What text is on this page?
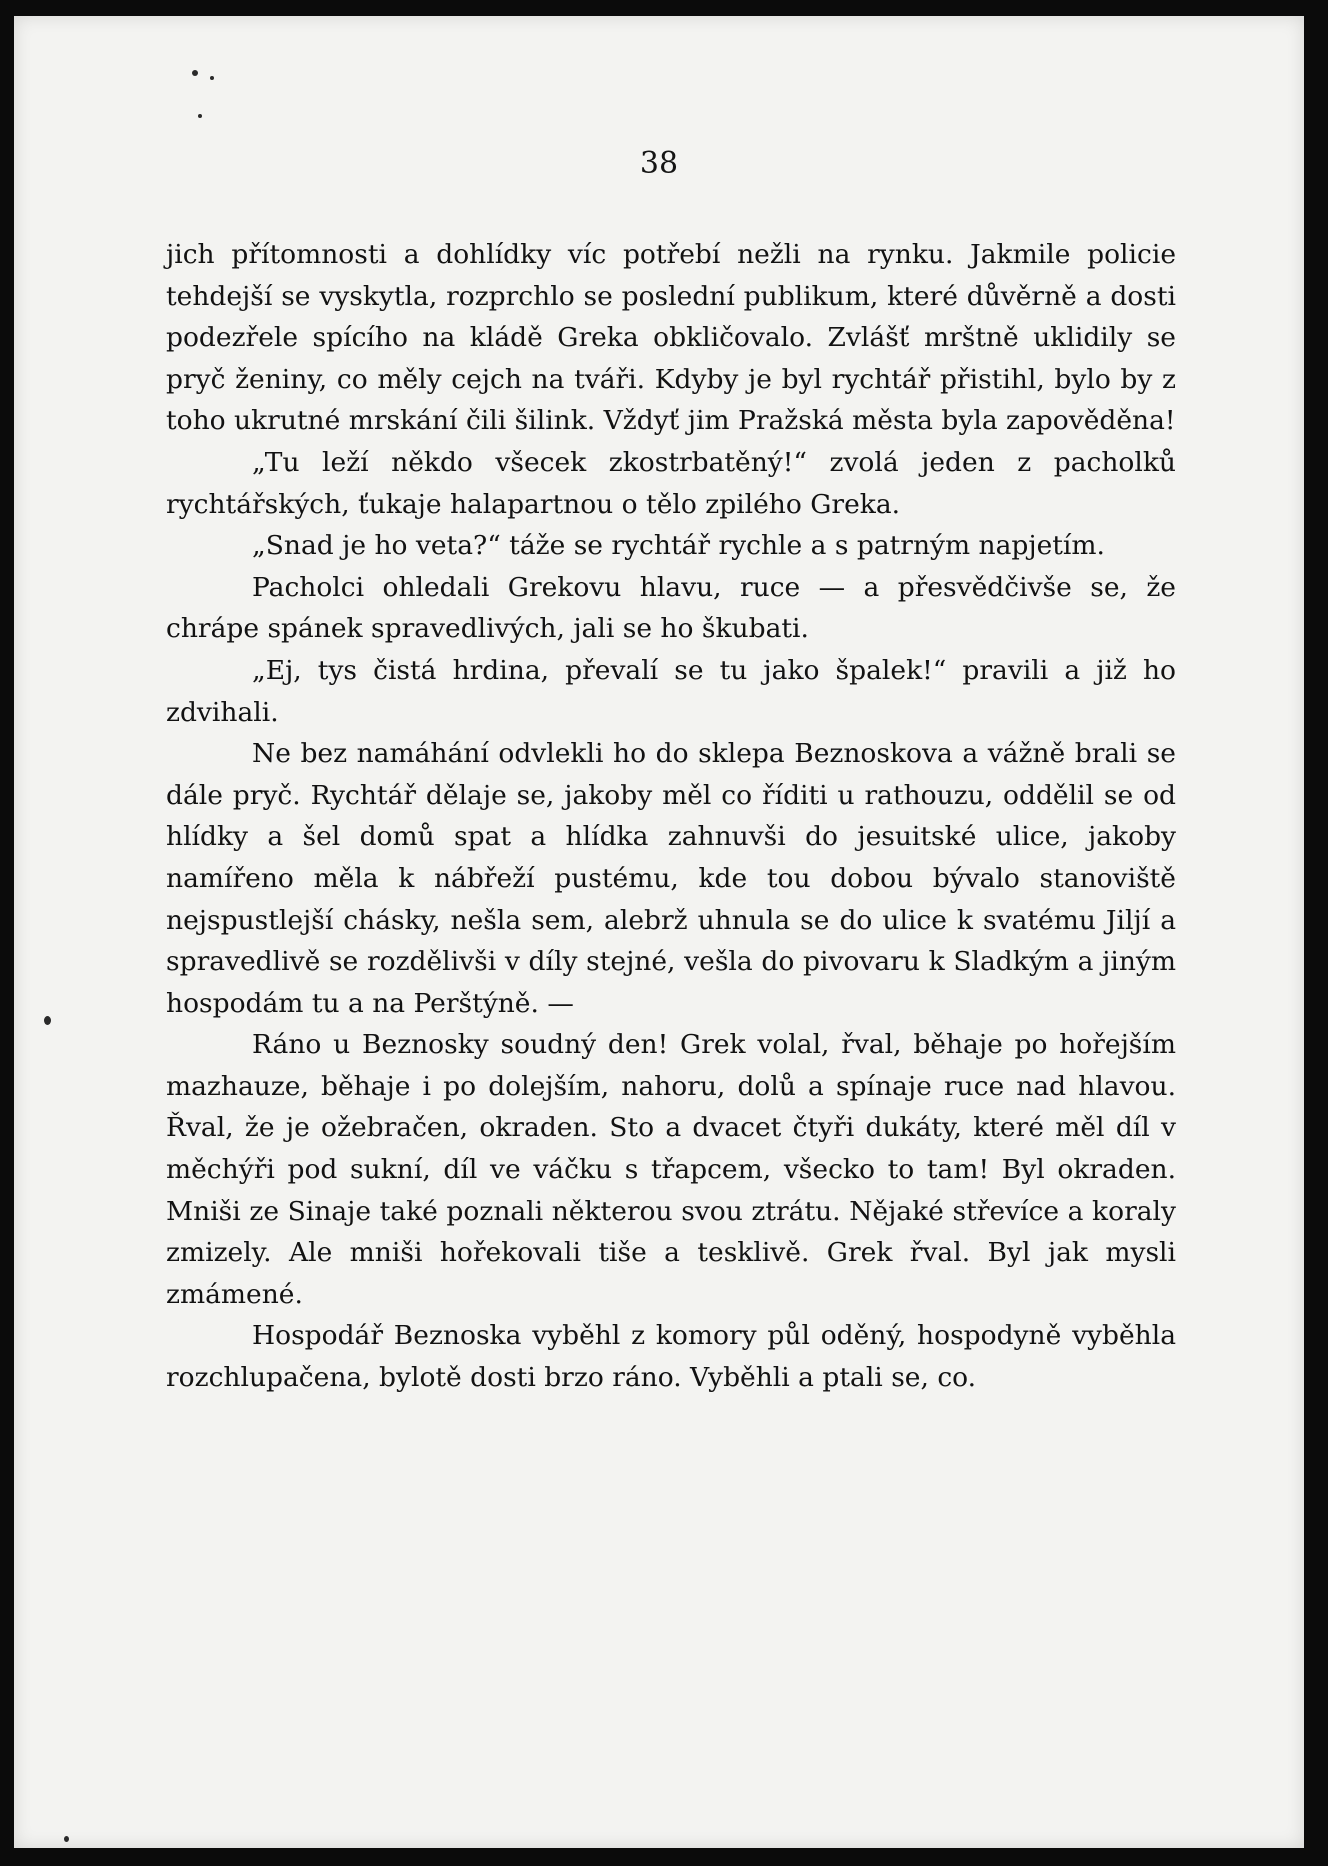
38

jich přítomnosti a dohlídky víc potřebí nežli na rynku. Jakmile policie tehdejší se vyskytla, rozprchlo se poslední publikum, které důvěrně a dosti podezřele spícího na kládě Greka obkličovalo. Zvlášť mrštně uklidily se pryč ženiny, co měly cejch na tváři. Kdyby je byl rychtář přistihl, bylo by z toho ukrutné mrskání čili šilink. Vždyť jim Pražská města byla zapověděna!

„Tu leží někdo všecek zkostrbatěný!“ zvolá jeden z pacholků rychtářských, ťukaje halapartnou o tělo zpilého Greka.

„Snad je ho veta?“ táže se rychtář rychle a s patrným napjetím.

Pacholci ohledali Grekovu hlavu, ruce — a přesvědčivše se, že chrápe spánek spravedlivých, jali se ho škubati.

„Ej, tys čistá hrdina, převalí se tu jako špalek!“ pravili a již ho zdvihali.

Ne bez namáhání odvlekli ho do sklepa Beznoskova a vážně brali se dále pryč. Rychtář dělaje se, jakoby měl co říditi u rathouzu, oddělil se od hlídky a šel domů spat a hlídka zahnuvši do jesuitské ulice, jakoby namířeno měla k nábřeží pustému, kde tou dobou bývalo stanoviště nejspustlejší chásky, nešla sem, alebrž uhnula se do ulice k svatému Jiljí a spravedlivě se rozdělivši v díly stejné, vešla do pivovaru k Sladkým a jiným hospodám tu a na Perštýně. —

Ráno u Beznosky soudný den! Grek volal, řval, běhaje po hořejším mazhauze, běhaje i po dolejším, nahoru, dolů a spínaje ruce nad hlavou. Řval, že je ožebračen, okraden. Sto a dvacet čtyři dukáty, které měl díl v měchýři pod sukní, díl ve váčku s třapcem, všecko to tam! Byl okraden. Mniši ze Sinaje také poznali některou svou ztrátu. Nějaké střevíce a koraly zmizely. Ale mniši hořekovali tiše a tesklivě. Grek řval. Byl jak mysli zmámené.

Hospodář Beznoska vyběhl z komory půl oděný, hospodyně vyběhla rozchlupačena, bylotě dosti brzo ráno. Vyběhli a ptali se, co.
